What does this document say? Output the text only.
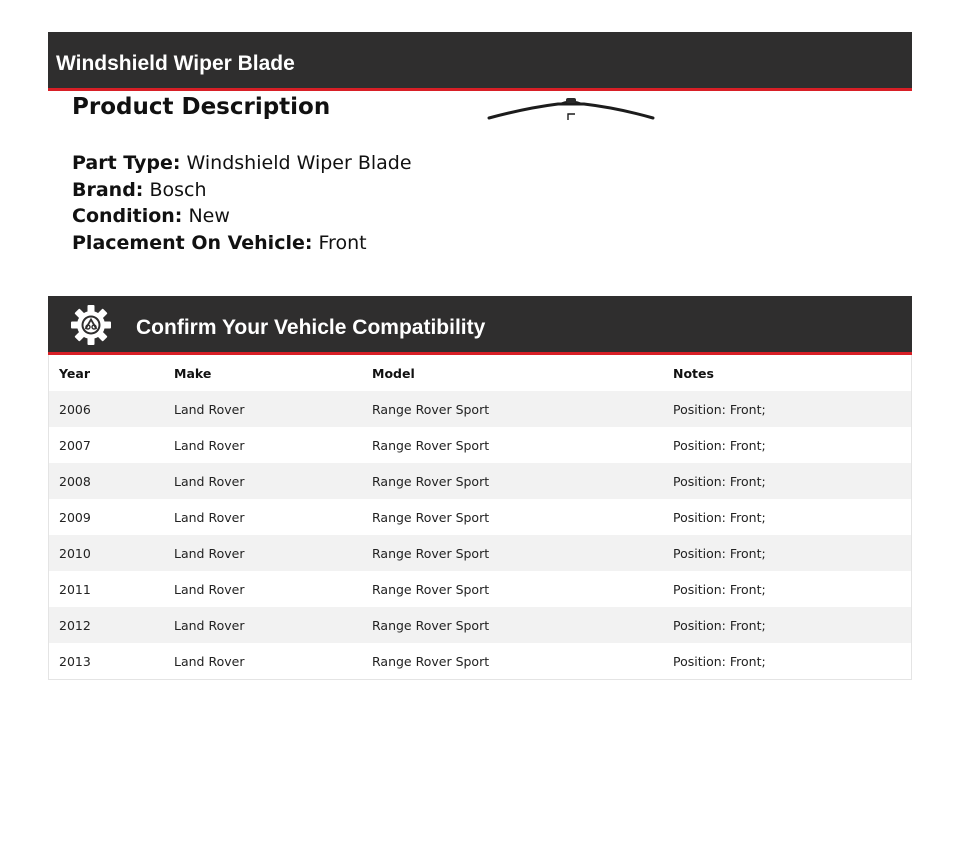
Windshield Wiper Blade
Product Description
Part Type: Windshield Wiper Blade
Brand: Bosch
Condition: New
Placement On Vehicle: Front
Confirm Your Vehicle Compatibility
Year	Make	Model	Notes
2006	Land Rover	Range Rover Sport	Position: Front;
2007	Land Rover	Range Rover Sport	Position: Front;
2008	Land Rover	Range Rover Sport	Position: Front;
2009	Land Rover	Range Rover Sport	Position: Front;
2010	Land Rover	Range Rover Sport	Position: Front;
2011	Land Rover	Range Rover Sport	Position: Front;
2012	Land Rover	Range Rover Sport	Position: Front;
2013	Land Rover	Range Rover Sport	Position: Front;
